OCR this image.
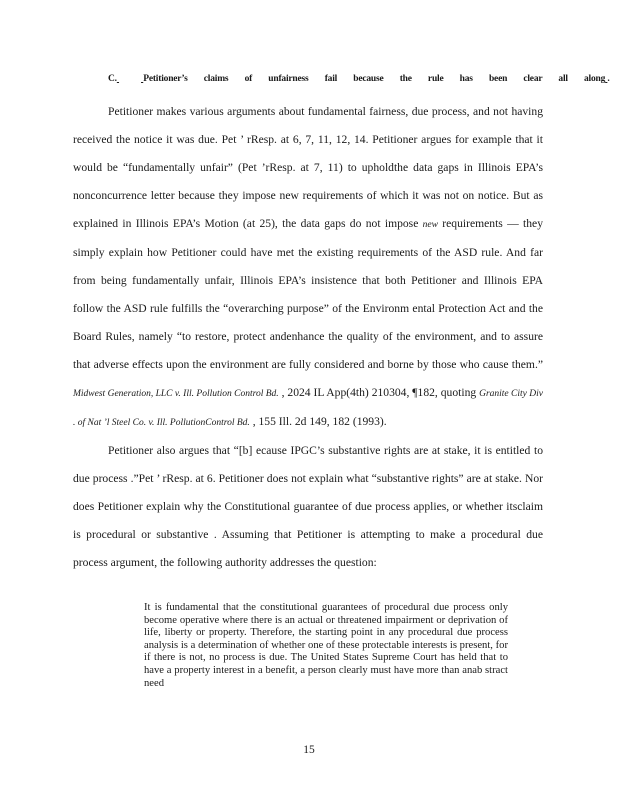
C.	Petitioner’s claims of unfairness fail because the rule has been clear all along .

Petitioner makes various arguments about fundamental fairness, due process, and not having received the notice it was due. Pet ’ rResp. at 6, 7, 11, 12, 14. Petitioner argues for example that it would be “fundamentally unfair” (Pet ’rResp. at 7, 11) to upholdthe data gaps in Illinois EPA’s nonconcurrence letter because they impose new requirements of which it was not on notice. But as explained in Illinois EPA’s Motion (at 25), the data gaps do not impose new requirements — they simply explain how Petitioner could have met the existing requirements of the ASD rule. And far from being fundamentally unfair, Illinois EPA’s insistence that both Petitioner and Illinois EPA follow the ASD rule fulfills the “overarching purpose” of the Environm ental Protection Act and the Board Rules, namely “to restore, protect andenhance the quality of the environment, and to assure that adverse effects upon the environment are fully considered and borne by those who cause them.” Midwest Generation, LLC v. Ill. Pollution Control Bd. , 2024 IL App(4th) 210304, ¶182, quoting Granite City Div . of Nat ’l Steel Co. v. Ill. PollutionControl Bd. , 155 Ill. 2d 149, 182 (1993).

Petitioner also argues that “[b] ecause IPGC’s substantive rights are at stake, it is entitled to due process .”Pet ’ rResp. at 6. Petitioner does not explain what “substantive rights” are at stake. Nor does Petitioner explain why the Constitutional guarantee of due process applies, or whether itsclaim is procedural or substantive . Assuming that Petitioner is attempting to make a procedural due process argument, the following authority addresses the question:

It is fundamental that the constitutional guarantees of procedural due process only become operative where there is an actual or threatened impairment or deprivation of life, liberty or property. Therefore, the starting point in any procedural due process analysis is a determination of whether one of these protectable interests is present, for if there is not, no process is due. The United States Supreme Court has held that to have a property interest in a benefit, a person clearly must have more than anab stract need
15
